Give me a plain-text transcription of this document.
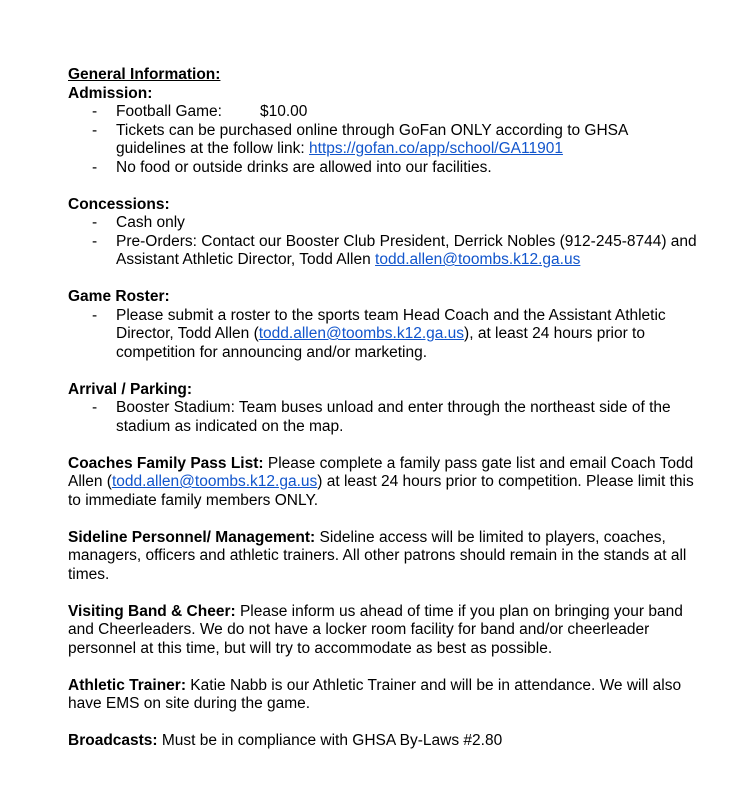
General Information:
Admission:
- Football Game: $10.00
- Tickets can be purchased online through GoFan ONLY according to GHSA guidelines at the follow link: https://gofan.co/app/school/GA11901
- No food or outside drinks are allowed into our facilities.
Concessions:
- Cash only
- Pre-Orders: Contact our Booster Club President, Derrick Nobles (912-245-8744) and Assistant Athletic Director, Todd Allen todd.allen@toombs.k12.ga.us
Game Roster:
- Please submit a roster to the sports team Head Coach and the Assistant Athletic Director, Todd Allen (todd.allen@toombs.k12.ga.us), at least 24 hours prior to competition for announcing and/or marketing.
Arrival / Parking:
- Booster Stadium: Team buses unload and enter through the northeast side of the stadium as indicated on the map.

Coaches Family Pass List: Please complete a family pass gate list and email Coach Todd Allen (todd.allen@toombs.k12.ga.us) at least 24 hours prior to competition. Please limit this to immediate family members ONLY.

Sideline Personnel/ Management: Sideline access will be limited to players, coaches, managers, officers and athletic trainers. All other patrons should remain in the stands at all times.

Visiting Band & Cheer: Please inform us ahead of time if you plan on bringing your band and Cheerleaders. We do not have a locker room facility for band and/or cheerleader personnel at this time, but will try to accommodate as best as possible.

Athletic Trainer: Katie Nabb is our Athletic Trainer and will be in attendance. We will also have EMS on site during the game.

Broadcasts: Must be in compliance with GHSA By-Laws #2.80
